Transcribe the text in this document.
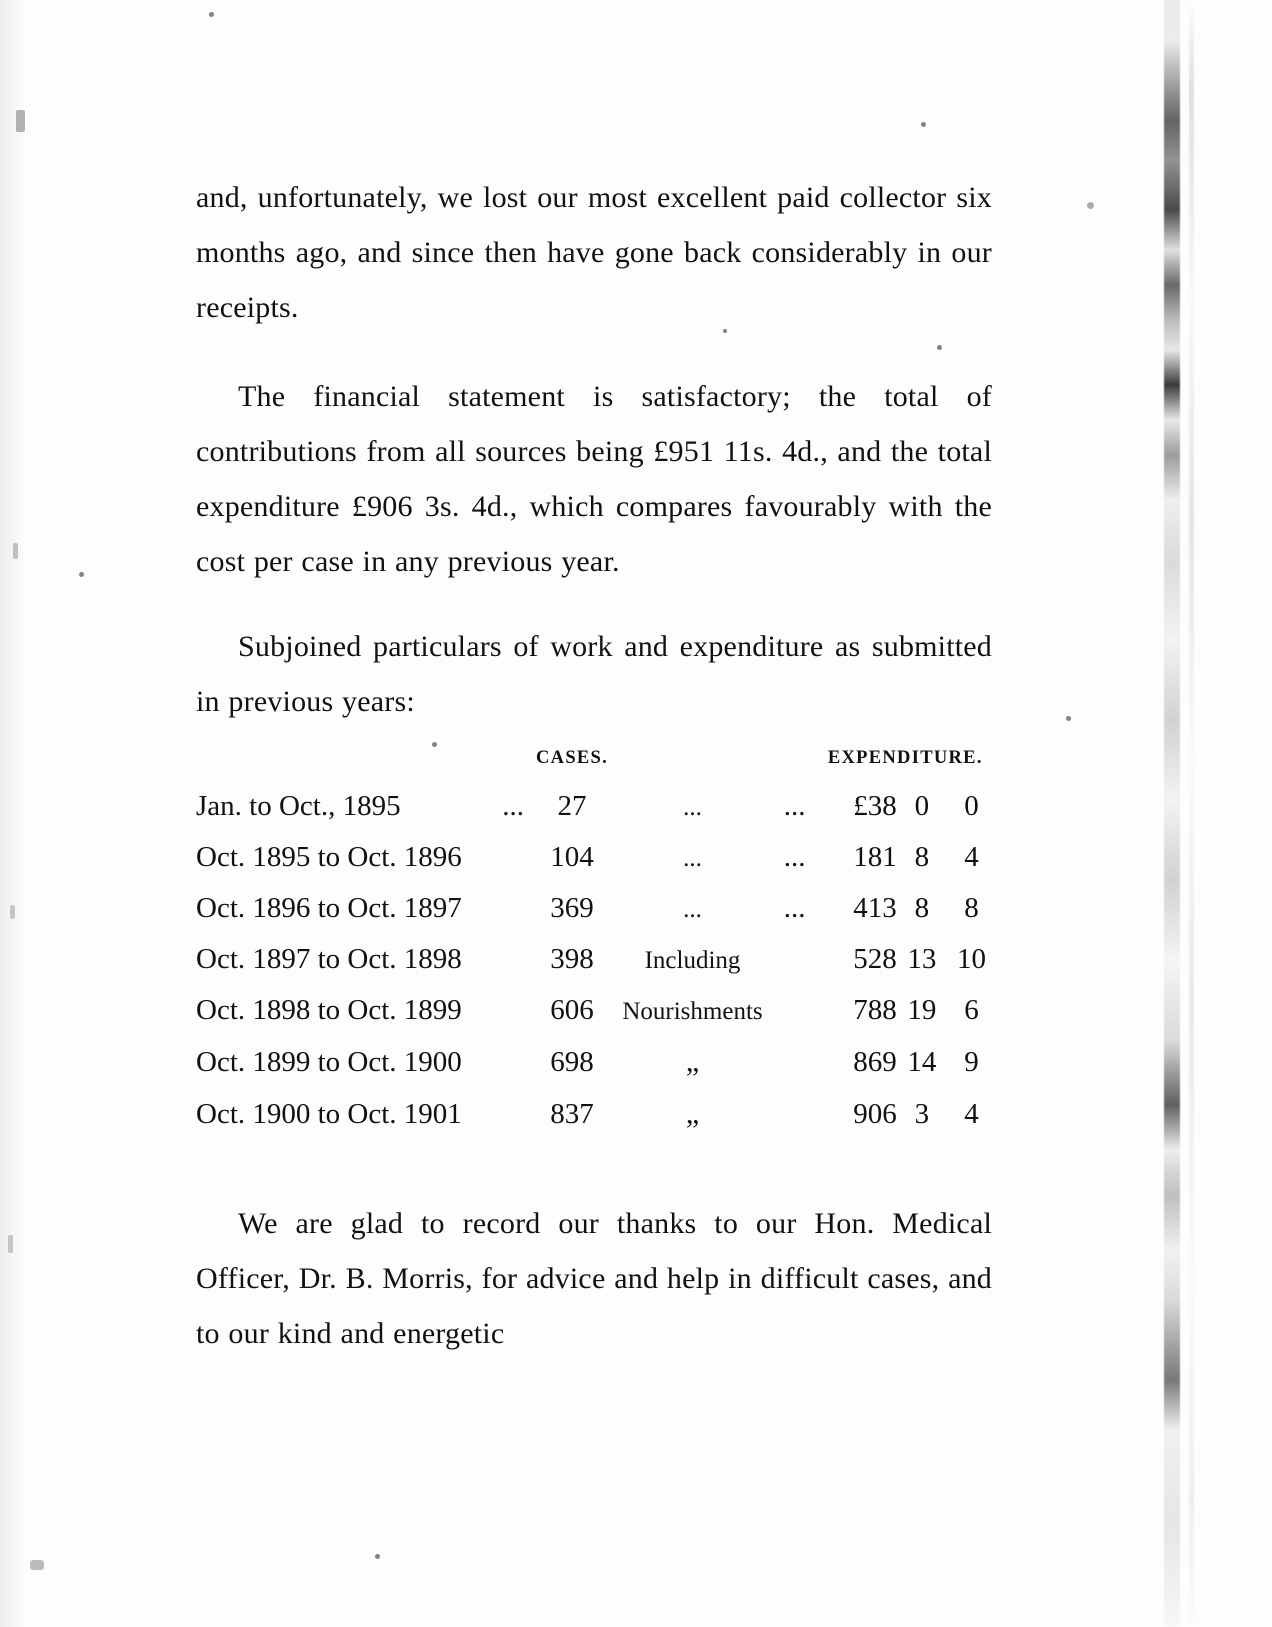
and, unfortunately, we lost our most excellent paid collector six months ago, and since then have gone back considerably in our receipts.

The financial statement is satisfactory; the total of contributions from all sources being £951 11s. 4d., and the total expenditure £906 3s. 4d., which compares favourably with the cost per case in any previous year.

Subjoined particulars of work and expenditure as submitted in previous years:

		CASES.			EXPENDITURE.		
Jan. to Oct., 1895	...	27	...	...	£38	0	0
Oct. 1895 to Oct. 1896		104	...	...	181	8	4
Oct. 1896 to Oct. 1897		369	...	...	413	8	8
Oct. 1897 to Oct. 1898		398	Including		528	13	10
Oct. 1898 to Oct. 1899		606	Nourishments		788	19	6
Oct. 1899 to Oct. 1900		698	„		869	14	9
Oct. 1900 to Oct. 1901		837	„		906	3	4

We are glad to record our thanks to our Hon. Medical Officer, Dr. B. Morris, for advice and help in difficult cases, and to our kind and energetic
